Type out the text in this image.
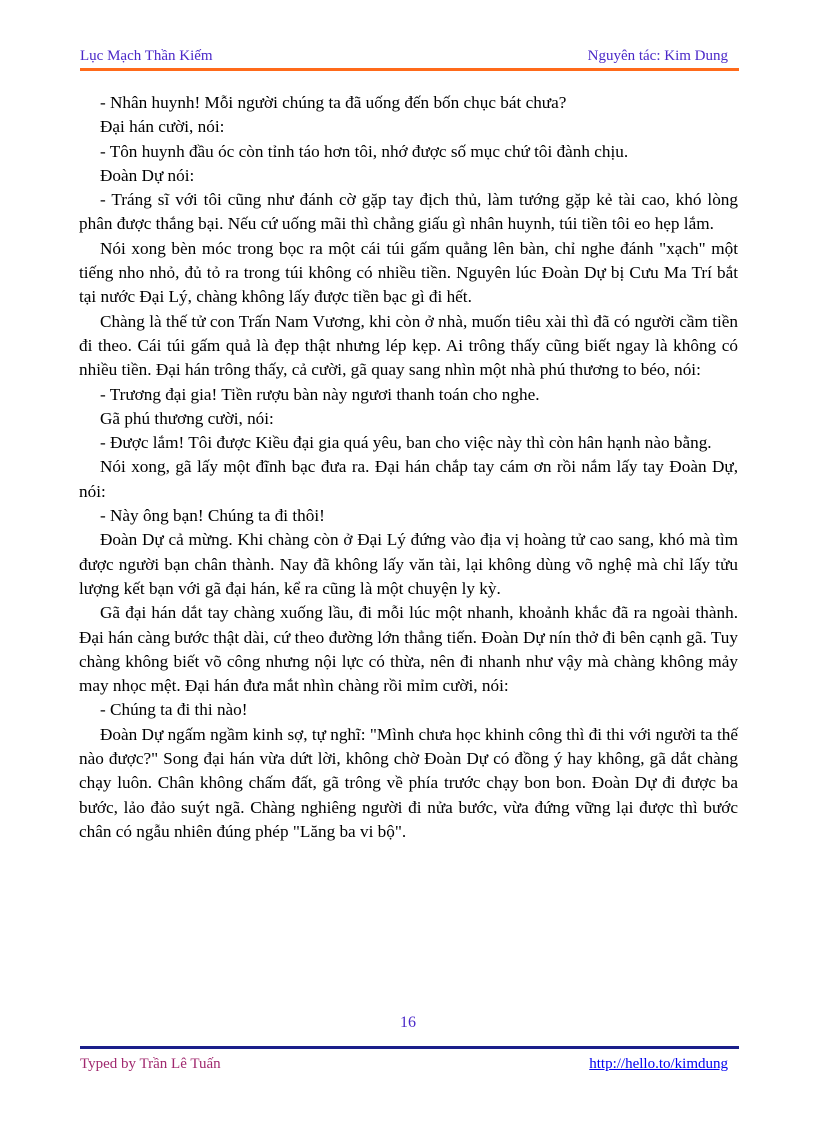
Lục Mạch Thần Kiếm	Nguyên tác: Kim Dung

- Nhân huynh! Mỗi người chúng ta đã uống đến bốn chục bát chưa?

Đại hán cười, nói:

- Tôn huynh đầu óc còn tỉnh táo hơn tôi, nhớ được số mục chứ tôi đành chịu.

Đoàn Dự nói:

- Tráng sĩ với tôi cũng như đánh cờ gặp tay địch thủ, làm tướng gặp kẻ tài cao, khó lòng phân được thắng bại. Nếu cứ uống mãi thì chẳng giấu gì nhân huynh, túi tiền tôi eo hẹp lắm.

Nói xong bèn móc trong bọc ra một cái túi gấm quẳng lên bàn, chỉ nghe đánh "xạch" một tiếng nho nhỏ, đủ tỏ ra trong túi không có nhiều tiền. Nguyên lúc Đoàn Dự bị Cưu Ma Trí bắt tại nước Đại Lý, chàng không lấy được tiền bạc gì đi hết.

Chàng là thế tử con Trấn Nam Vương, khi còn ở nhà, muốn tiêu xài thì đã có người cầm tiền đi theo. Cái túi gấm quả là đẹp thật nhưng lép kẹp. Ai trông thấy cũng biết ngay là không có nhiều tiền. Đại hán trông thấy, cả cười, gã quay sang nhìn một nhà phú thương to béo, nói:

- Trương đại gia! Tiền rượu bàn này ngươi thanh toán cho nghe.

Gã phú thương cười, nói:

- Được lắm! Tôi được Kiều đại gia quá yêu, ban cho việc này thì còn hân hạnh nào bằng.

Nói xong, gã lấy một đĩnh bạc đưa ra. Đại hán chắp tay cám ơn rồi nắm lấy tay Đoàn Dự, nói:

- Này ông bạn! Chúng ta đi thôi!

Đoàn Dự cả mừng. Khi chàng còn ở Đại Lý đứng vào địa vị hoàng tử cao sang, khó mà tìm được người bạn chân thành. Nay đã không lấy văn tài, lại không dùng võ nghệ mà chỉ lấy tửu lượng kết bạn với gã đại hán, kể ra cũng là một chuyện ly kỳ.

Gã đại hán dắt tay chàng xuống lầu, đi mỗi lúc một nhanh, khoảnh khắc đã ra ngoài thành. Đại hán càng bước thật dài, cứ theo đường lớn thẳng tiến. Đoàn Dự nín thở đi bên cạnh gã. Tuy chàng không biết võ công nhưng nội lực có thừa, nên đi nhanh như vậy mà chàng không mảy may nhọc mệt. Đại hán đưa mắt nhìn chàng rồi mỉm cười, nói:

- Chúng ta đi thi nào!

Đoàn Dự ngấm ngầm kinh sợ, tự nghĩ: "Mình chưa học khinh công thì đi thi với người ta thế nào được?" Song đại hán vừa dứt lời, không chờ Đoàn Dự có đồng ý hay không, gã dắt chàng chạy luôn. Chân không chấm đất, gã trông về phía trước chạy bon bon. Đoàn Dự đi được ba bước, lảo đảo suýt ngã. Chàng nghiêng người đi nửa bước, vừa đứng vững lại được thì bước chân có ngẫu nhiên đúng phép "Lăng ba vi bộ".

16
Typed by Trần Lê Tuấn	http://hello.to/kimdung
